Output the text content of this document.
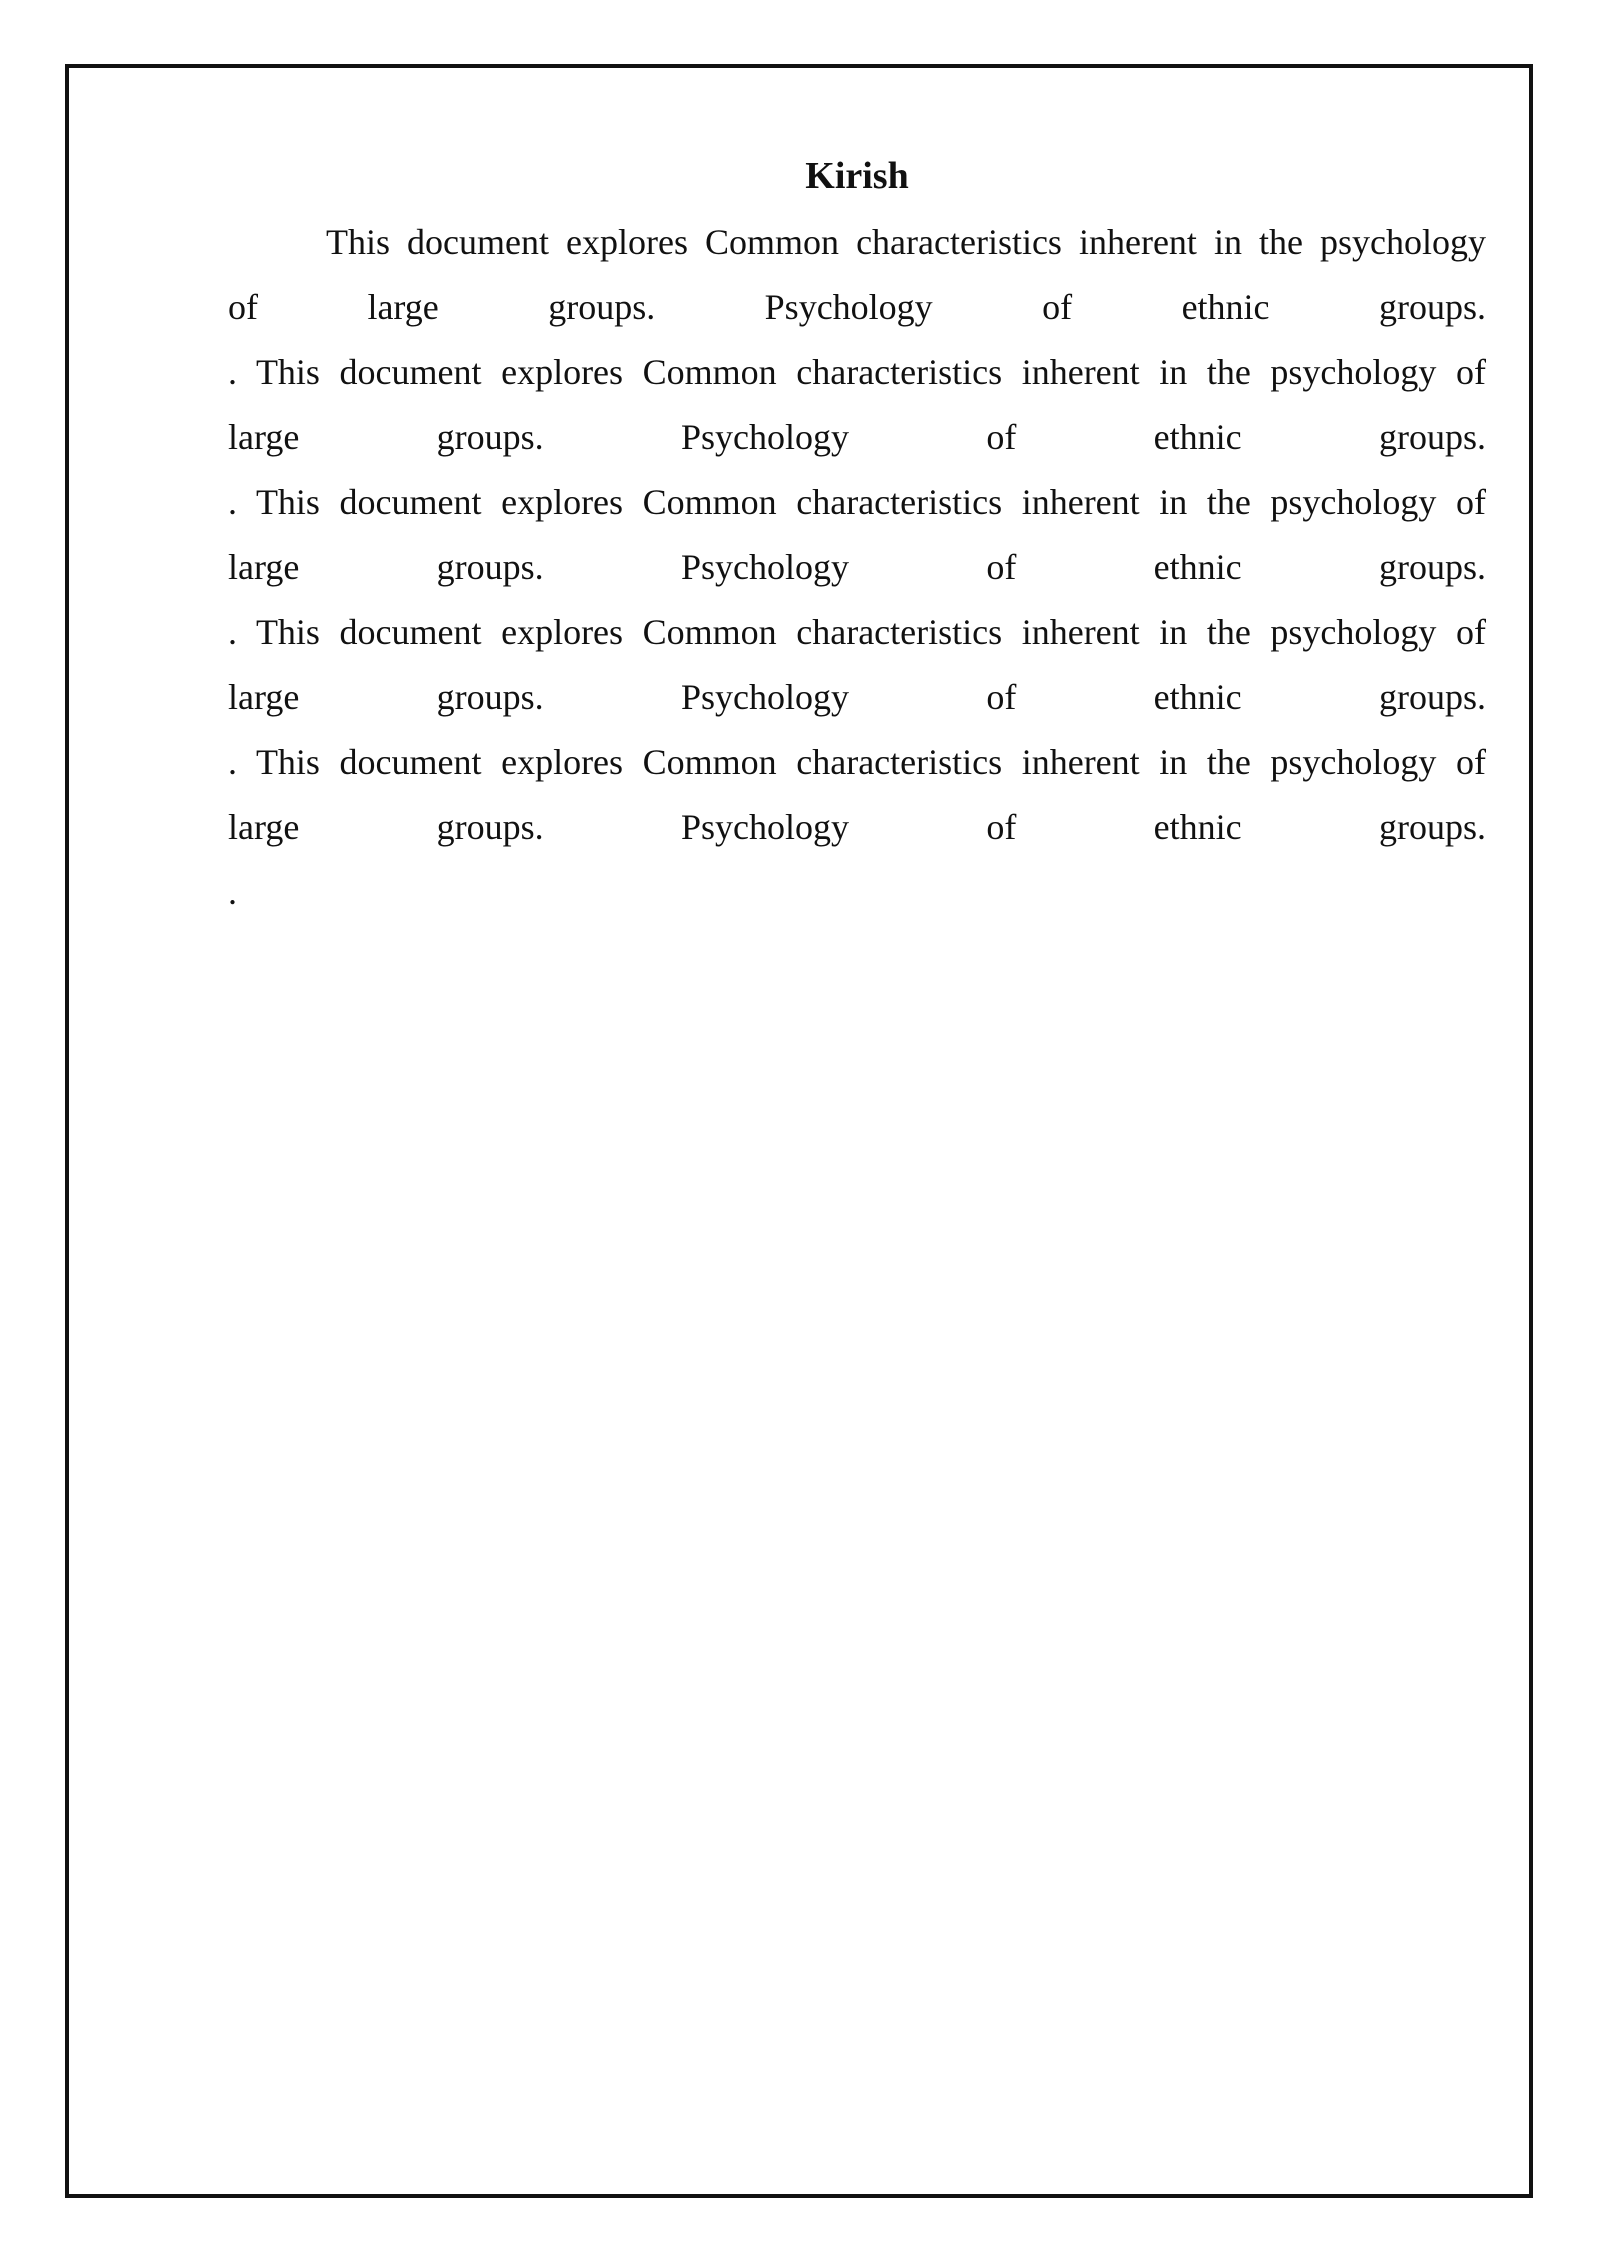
Kirish
This document explores Common characteristics inherent in the psychology
of large groups. Psychology of ethnic groups.
. This document explores Common characteristics inherent in the psychology of
large groups. Psychology of ethnic groups.
. This document explores Common characteristics inherent in the psychology of
large groups. Psychology of ethnic groups.
. This document explores Common characteristics inherent in the psychology of
large groups. Psychology of ethnic groups.
. This document explores Common characteristics inherent in the psychology of
large groups. Psychology of ethnic groups.
.
